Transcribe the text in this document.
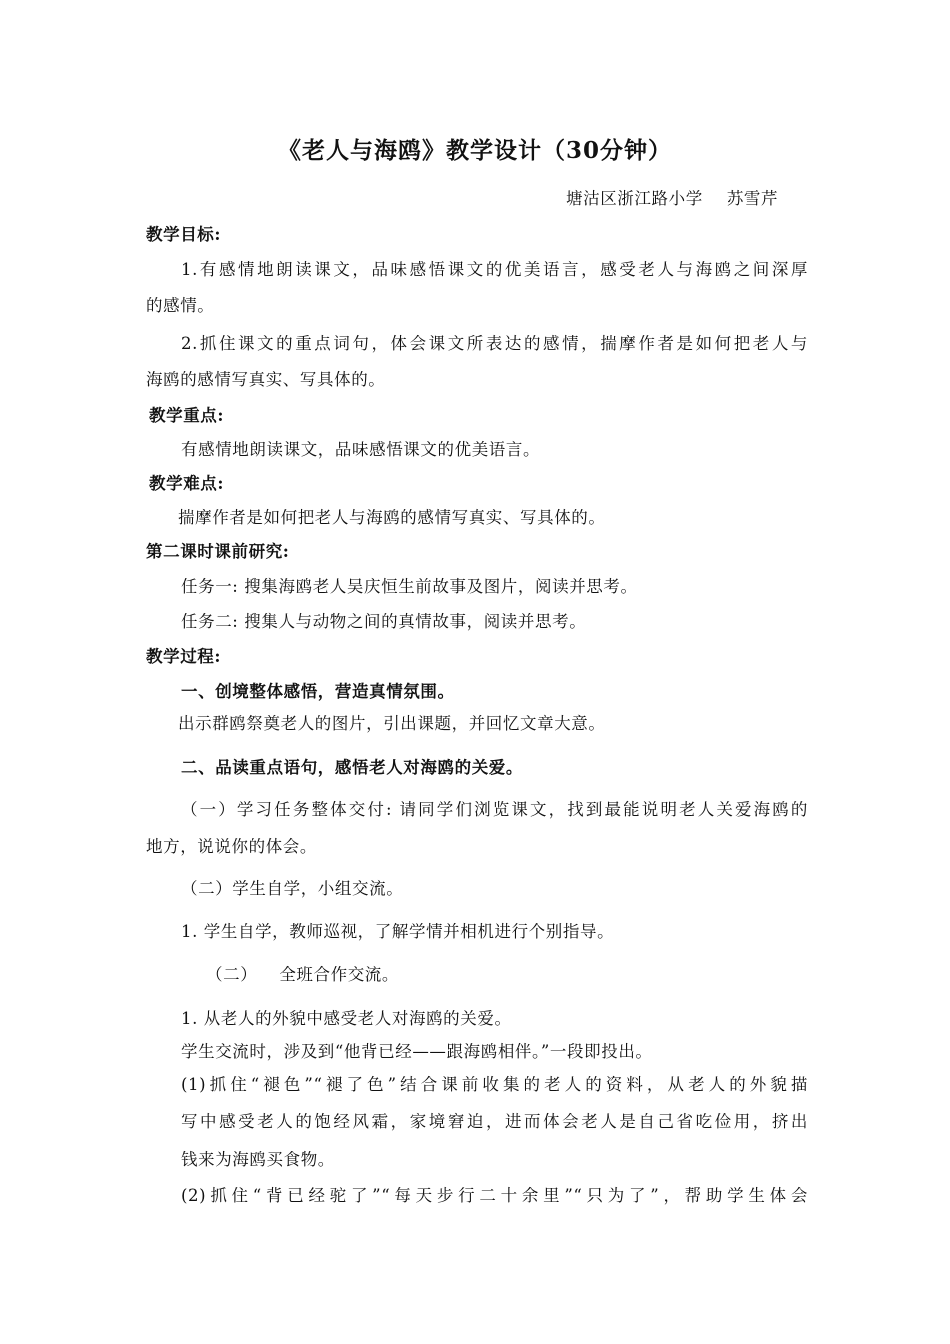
《老人与海鸥》教学设计（30分钟）
塘沽区浙江路小学 苏雪芹
教学目标:
1.有感情地朗读课文，品味感悟课文的优美语言，感受老人与海鸥之间深厚
的感情。
2.抓住课文的重点词句，体会课文所表达的感情，揣摩作者是如何把老人与
海鸥的感情写真实、写具体的。
教学重点:
有感情地朗读课文，品味感悟课文的优美语言。
教学难点:
揣摩作者是如何把老人与海鸥的感情写真实、写具体的。
第二课时课前研究:
任务一: 搜集海鸥老人吴庆恒生前故事及图片，阅读并思考。
任务二: 搜集人与动物之间的真情故事，阅读并思考。
教学过程:
一、创境整体感悟，营造真情氛围。
出示群鸥祭奠老人的图片，引出课题，并回忆文章大意。
二、品读重点语句，感悟老人对海鸥的关爱。
（一）学习任务整体交付: 请同学们浏览课文，找到最能说明老人关爱海鸥的
地方，说说你的体会。
（二）学生自学，小组交流。
1. 学生自学，教师巡视，了解学情并相机进行个别指导。
（二） 全班合作交流。
1. 从老人的外貌中感受老人对海鸥的关爱。
学生交流时，涉及到“他背已经——跟海鸥相伴。”一段即投出。
(1)抓住“褪色”“褪了色”结合课前收集的老人的资料，从老人的外貌描
写中感受老人的饱经风霜，家境窘迫，进而体会老人是自己省吃俭用，挤出
钱来为海鸥买食物。
(2)抓住“背已经驼了”“每天步行二十余里”“只为了”，帮助学生体会
